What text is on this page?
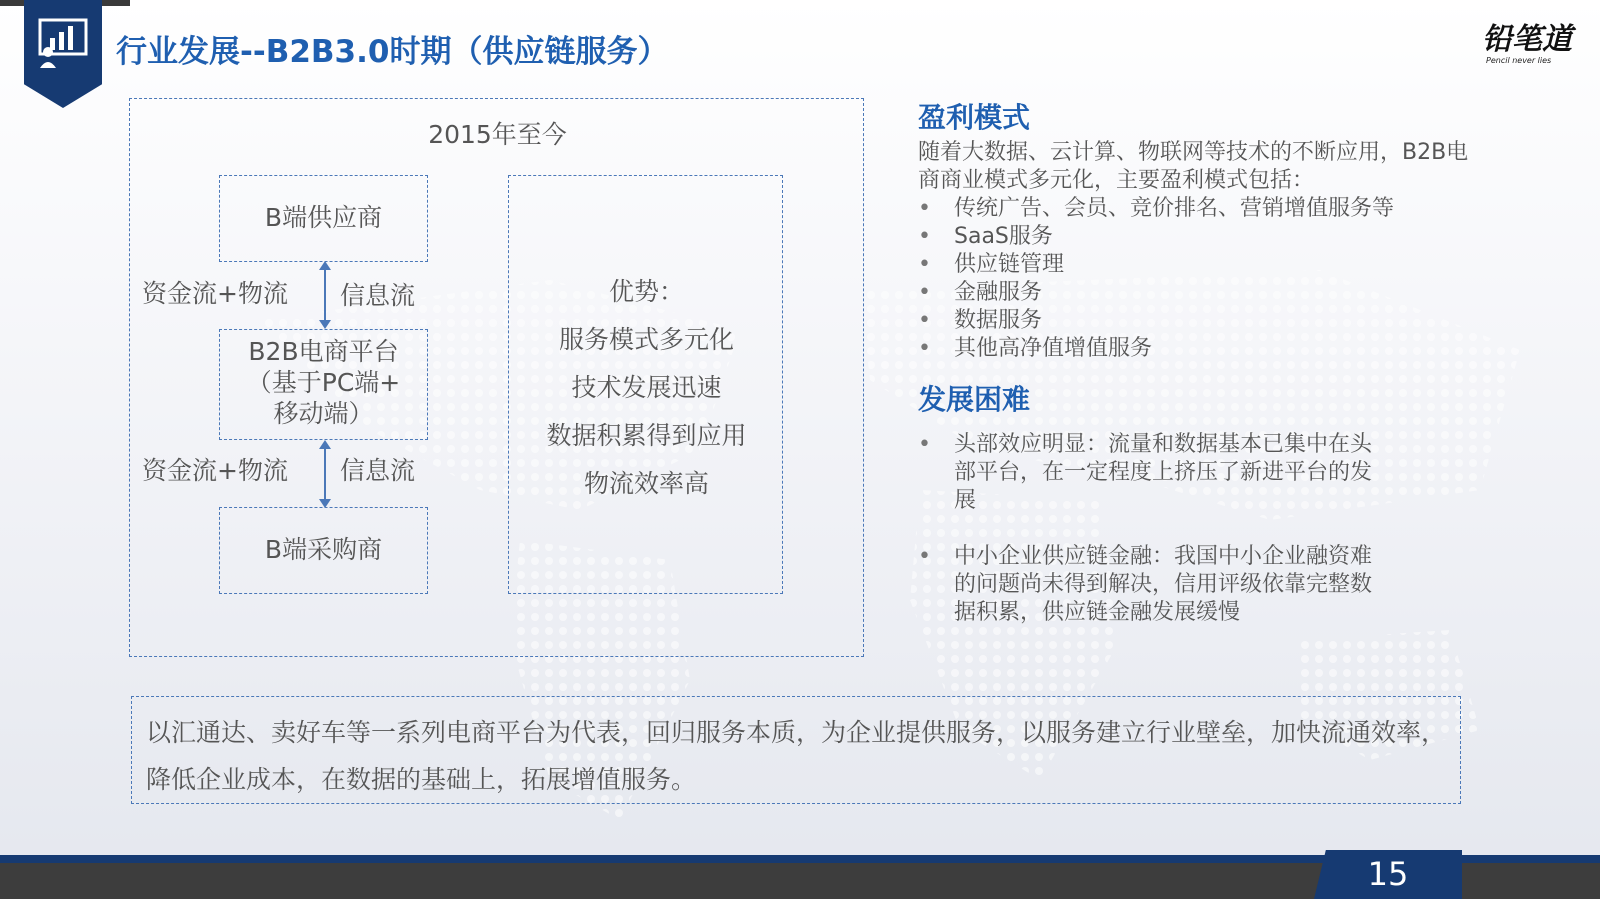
行业发展--B2B3.0时期（供应链服务）	铅笔道
Pencil never lies
2015年至今
B端供应商
资金流+物流 信息流
B2B电商平台
（基于PC端+
移动端）
资金流+物流 信息流
B端采购商
优势：
服务模式多元化
技术发展迅速
数据积累得到应用
物流效率高
盈利模式
随着大数据、云计算、物联网等技术的不断应用，B2B电
商商业模式多元化，主要盈利模式包括：
• 传统广告、会员、竞价排名、营销增值服务等
• SaaS服务
• 供应链管理
• 金融服务
• 数据服务
• 其他高净值增值服务
发展困难
• 头部效应明显：流量和数据基本已集中在头部平台，在一定程度上挤压了新进平台的发展
• 中小企业供应链金融：我国中小企业融资难的问题尚未得到解决，信用评级依靠完整数据积累，供应链金融发展缓慢
以汇通达、卖好车等一系列电商平台为代表，回归服务本质，为企业提供服务，以服务建立行业壁垒，加快流通效率，降低企业成本，在数据的基础上，拓展增值服务。
15
